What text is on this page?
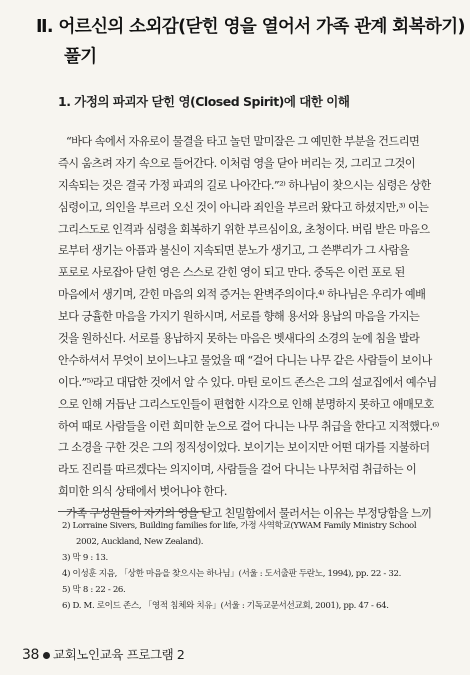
Ⅱ. 어르신의 소외감(닫힌 영을 열어서 가족 관계 회복하기)
풀기
1. 가정의 파괴자 닫힌 영(Closed Spirit)에 대한 이해
“바다 속에서 자유로이 물결을 타고 놀던 말미잘은 그 예민한 부분을 건드리면
즉시 움츠려 자기 속으로 들어간다. 이처럼 영을 닫아 버리는 것, 그리고 그것이
지속되는 것은 결국 가정 파괴의 길로 나아간다.”²⁾ 하나님이 찾으시는 심령은 상한
심령이고, 의인을 부르러 오신 것이 아니라 죄인을 부르러 왔다고 하셨지만,³⁾ 이는
그리스도로 인격과 심령을 회복하기 위한 부르심이요, 초청이다. 버림 받은 마음으
로부터 생기는 아픔과 불신이 지속되면 분노가 생기고, 그 쓴뿌리가 그 사람을
포로로 사로잡아 닫힌 영은 스스로 갇힌 영이 되고 만다. 중독은 이런 포로 된
마음에서 생기며, 갇힌 마음의 외적 증거는 완벽주의이다.⁴⁾ 하나님은 우리가 예배
보다 긍휼한 마음을 가지기 원하시며, 서로를 향해 용서와 용납의 마음을 가지는
것을 원하신다. 서로를 용납하지 못하는 마음은 벳새다의 소경의 눈에 침을 발라
안수하셔서 무엇이 보이느냐고 물었을 때 “걸어 다니는 나무 같은 사람들이 보이나
이다.”⁵⁾라고 대답한 것에서 알 수 있다. 마틴 로이드 존스은 그의 설교집에서 예수님
으로 인해 거듭난 그리스도인들이 편협한 시각으로 인해 분명하지 못하고 애매모호
하여 때로 사람들을 이런 희미한 눈으로 걸어 다니는 나무 취급을 한다고 지적했다.⁶⁾
그 소경을 구한 것은 그의 정직성이었다. 보이기는 보이지만 어떤 대가를 지불하더
라도 진리를 따르겠다는 의지이며, 사람들을 걸어 다니는 나무처럼 취급하는 이
희미한 의식 상태에서 벗어나야 한다.
가족 구성원들이 자기의 영을 닫고 친밀함에서 물러서는 이유는 부정당함을 느끼
2) Lorraine Sivers, Building families for life, 가정 사역학교(YWAM Family Ministry School
2002, Auckland, New Zealand).
3) 막 9 : 13.
4) 이성훈 지음, 「상한 마음을 찾으시는 하나님」(서울 : 도서출판 두란노, 1994), pp. 22 - 32.
5) 막 8 : 22 - 26.
6) D. M. 로이드 존스, 「영적 침체와 치유」(서울 : 기독교문서선교회, 2001), pp. 47 - 64.
38 교회노인교육 프로그램 2
